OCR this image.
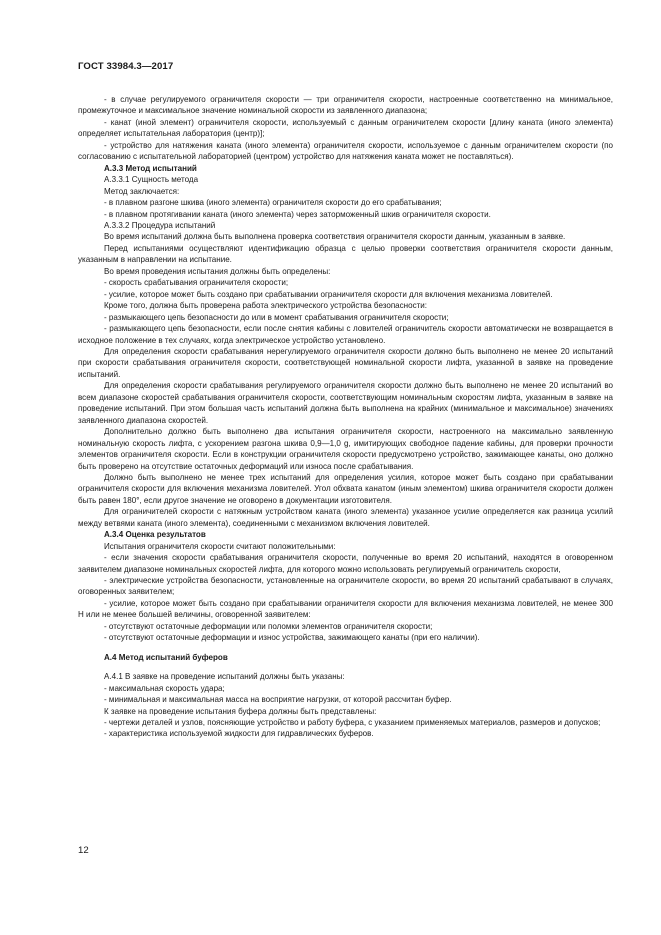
ГОСТ 33984.3—2017

- в случае регулируемого ограничителя скорости — три ограничителя скорости, настроенные соответственно на минимальное, промежуточное и максимальное значение номинальной скорости из заявленного диапазона;

- канат (иной элемент) ограничителя скорости, используемый с данным ограничителем скорости [длину каната (иного элемента) определяет испытательная лаборатория (центр)];

- устройство для натяжения каната (иного элемента) ограничителя скорости, используемое с данным ограничителем скорости (по согласованию с испытательной лабораторией (центром) устройство для натяжения каната может не поставляться).

А.3.3 Метод испытаний

А.3.3.1 Сущность метода

Метод заключается:

- в плавном разгоне шкива (иного элемента) ограничителя скорости до его срабатывания;

- в плавном протягивании каната (иного элемента) через заторможенный шкив ограничителя скорости.

А.3.3.2 Процедура испытаний

Во время испытаний должна быть выполнена проверка соответствия ограничителя скорости данным, указанным в заявке.

Перед испытаниями осуществляют идентификацию образца с целью проверки соответствия ограничителя скорости данным, указанным в направлении на испытание.

Во время проведения испытания должны быть определены:

- скорость срабатывания ограничителя скорости;

- усилие, которое может быть создано при срабатывании ограничителя скорости для включения механизма ловителей.

Кроме того, должна быть проверена работа электрического устройства безопасности:

- размыкающего цепь безопасности до или в момент срабатывания ограничителя скорости;

- размыкающего цепь безопасности, если после снятия кабины с ловителей ограничитель скорости автоматически не возвращается в исходное положение в тех случаях, когда электрическое устройство установлено.

Для определения скорости срабатывания нерегулируемого ограничителя скорости должно быть выполнено не менее 20 испытаний при скорости срабатывания ограничителя скорости, соответствующей номинальной скорости лифта, указанной в заявке на проведение испытаний.

Для определения скорости срабатывания регулируемого ограничителя скорости должно быть выполнено не менее 20 испытаний во всем диапазоне скоростей срабатывания ограничителя скорости, соответствующим номинальным скоростям лифта, указанным в заявке на проведение испытаний. При этом большая часть испытаний должна быть выполнена на крайних (минимальное и максимальное) значениях заявленного диапазона скоростей.

Дополнительно должно быть выполнено два испытания ограничителя скорости, настроенного на максимально заявленную номинальную скорость лифта, с ускорением разгона шкива 0,9—1,0 g, имитирующих свободное падение кабины, для проверки прочности элементов ограничителя скорости. Если в конструкции ограничителя скорости предусмотрено устройство, зажимающее канаты, оно должно быть проверено на отсутствие остаточных деформаций или износа после срабатывания.

Должно быть выполнено не менее трех испытаний для определения усилия, которое может быть создано при срабатывании ограничителя скорости для включения механизма ловителей. Угол обхвата канатом (иным элементом) шкива ограничителя скорости должен быть равен 180°, если другое значение не оговорено в документации изготовителя.

Для ограничителей скорости с натяжным устройством каната (иного элемента) указанное усилие определяется как разница усилий между ветвями каната (иного элемента), соединенными с механизмом включения ловителей.

А.3.4 Оценка результатов

Испытания ограничителя скорости считают положительными:

- если значения скорости срабатывания ограничителя скорости, полученные во время 20 испытаний, находятся в оговоренном заявителем диапазоне номинальных скоростей лифта, для которого можно использовать регулируемый ограничитель скорости,

- электрические устройства безопасности, установленные на ограничителе скорости, во время 20 испытаний срабатывают в случаях, оговоренных заявителем;

- усилие, которое может быть создано при срабатывании ограничителя скорости для включения механизма ловителей, не менее 300 Н или не менее большей величины, оговоренной заявителем:

- отсутствуют остаточные деформации или поломки элементов ограничителя скорости;

- отсутствуют остаточные деформации и износ устройства, зажимающего канаты (при его наличии).

А.4 Метод испытаний буферов

А.4.1 В заявке на проведение испытаний должны быть указаны:

- максимальная скорость удара;

- минимальная и максимальная масса на восприятие нагрузки, от которой рассчитан буфер.

К заявке на проведение испытания буфера должны быть представлены:

- чертежи деталей и узлов, поясняющие устройство и работу буфера, с указанием применяемых материалов, размеров и допусков;

- характеристика используемой жидкости для гидравлических буферов.

12
